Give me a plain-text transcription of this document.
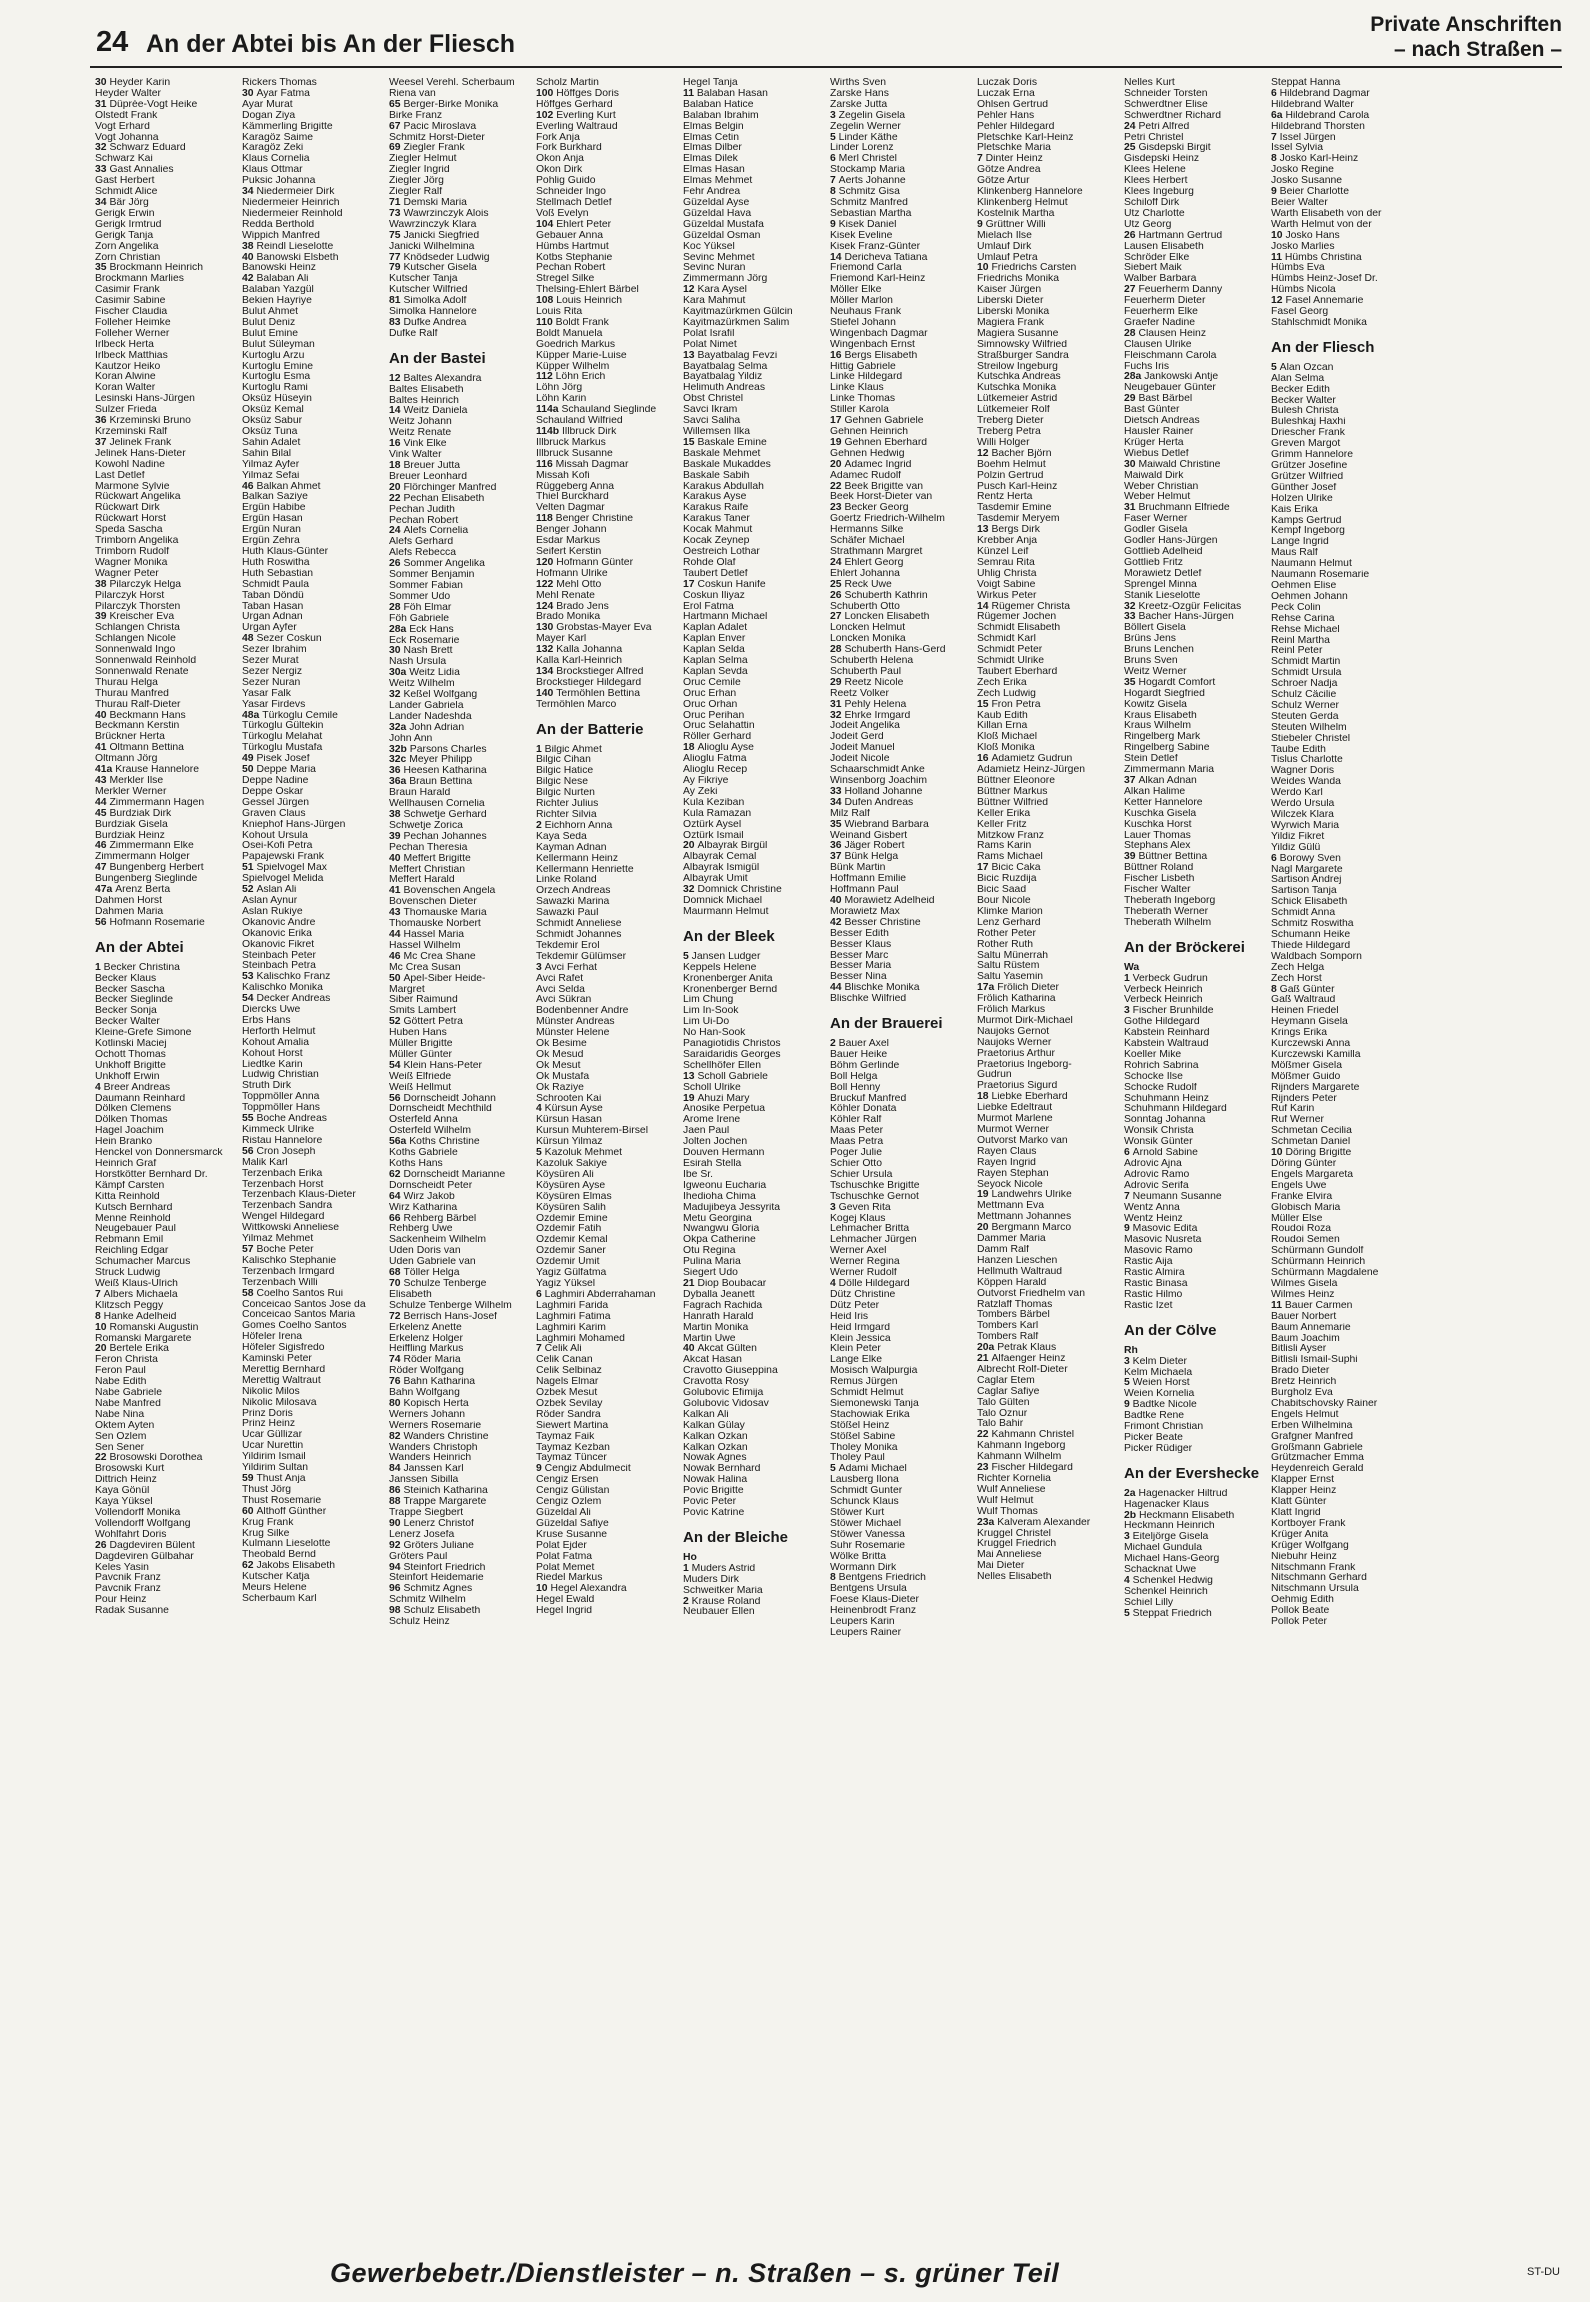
24 An der Abtei bis An der Fliesch
Private Anschriften
– nach Straßen –
30 Heyder Karin
Heyder Walter
31 Düprée-Vogt Heike
Olstedt Frank
Vogt Erhard
Vogt Johanna
32 Schwarz Eduard
Schwarz Kai
33 Gast Annalies
Gast Herbert
Schmidt Alice
34 Bär Jörg
Gerigk Erwin
Gerigk Irmtrud
Gerigk Tanja
Zorn Angelika
Zorn Christian
35 Brockmann Heinrich
Brockmann Marlies
Casimir Frank
Casimir Sabine
Fischer Claudia
Folleher Heimke
Folleher Werner
Irlbeck Herta
Irlbeck Matthias
Kautzor Heiko
Koran Alwine
Koran Walter
Lesinski Hans-Jürgen
Sulzer Frieda
36 Krzeminski Bruno
Krzeminski Ralf
37 Jelinek Frank
Jelinek Hans-Dieter
Kowohl Nadine
Last Detlef
Marmone Sylvie
Rückwart Angelika
Rückwart Dirk
Rückwart Horst
Speda Sascha
Trimborn Angelika
Trimborn Rudolf
Wagner Monika
Wagner Peter
38 Pilarczyk Helga
Pilarczyk Horst
Pilarczyk Thorsten
39 Kreischer Eva
Schlangen Christa
Schlangen Nicole
Sonnenwald Ingo
Sonnenwald Reinhold
Sonnenwald Renate
Thurau Helga
Thurau Manfred
Thurau Ralf-Dieter
40 Beckmann Hans
Beckmann Kerstin
Brückner Herta
41 Oltmann Bettina
Oltmann Jörg
41a Krause Hannelore
43 Merkler Ilse
Merkler Werner
44 Zimmermann Hagen
45 Burdziak Dirk
Burdziak Gisela
Burdziak Heinz
46 Zimmermann Elke
Zimmermann Holger
47 Bungenberg Herbert
Bungenberg Sieglinde
47a Arenz Berta
Dahmen Horst
Dahmen Maria
56 Hofmann Rosemarie
An der Abtei
1 Becker Christina
Becker Klaus
Becker Sascha
Becker Sieglinde
Becker Sonja
Becker Walter
Kleine-Grefe Simone
Kotlinski Maciej
Ochott Thomas
Unkhoff Brigitte
Unkhoff Erwin
4 Breer Andreas
Daumann Reinhard
Dölken Clemens
Dölken Thomas
Hagel Joachim
Hein Branko
Henckel von Donnersmarck
Heinrich Graf
Horstkötter Bernhard Dr.
Kämpf Carsten
Kitta Reinhold
Kutsch Bernhard
Menne Reinhold
Neugebauer Paul
Rebmann Emil
Reichling Edgar
Schumacher Marcus
Struck Ludwig
Weiß Klaus-Ulrich
7 Albers Michaela
Klitzsch Peggy
8 Hanke Adelheid
10 Romanski Augustin
Romanski Margarete
20 Bertele Erika
Feron Christa
Feron Paul
Nabe Edith
Nabe Gabriele
Nabe Manfred
Nabe Nina
Öktem Ayten
Sen Özlem
Sen Sener
22 Brosowski Dorothea
Brosowski Kurt
Dittrich Heinz
Kaya Gönül
Kaya Yüksel
Vollendorff Monika
Vollendorff Wolfgang
Wohlfahrt Doris
26 Dagdeviren Bülent
Dagdeviren Gülbahar
Keles Yasin
Pavcnik Franz
Pavcnik Franz
Pour Heinz
Radak Susanne
Rickers Thomas
30 Ayar Fatma
Ayar Murat
Dogan Ziya
Kämmerling Brigitte
Karagöz Saime
Karagöz Zeki
Klaus Cornelia
Klaus Ottmar
Puksic Johanna
34 Niedermeier Dirk
Niedermeier Heinrich
Niedermeier Reinhold
Redda Berthold
Wippich Manfred
38 Reindl Lieselotte
40 Banowski Elsbeth
Banowski Heinz
42 Balaban Ali
Balaban Yazgül
Bekien Hayriye
Bulut Ahmet
Bulut Deniz
Bulut Emine
Bulut Süleyman
Kurtoglu Arzu
Kurtoglu Emine
Kurtoglu Esma
Kurtoglu Rami
Öksüz Hüseyin
Öksüz Kemal
Öksüz Sabur
Öksüz Tuna
Sahin Adalet
Sahin Bilal
Yilmaz Ayfer
Yilmaz Sefai
46 Balkan Ahmet
Balkan Saziye
Ergün Habibe
Ergün Hasan
Ergün Nuran
Ergün Zehra
Huth Klaus-Günter
Huth Roswitha
Huth Sebastian
Schmidt Paula
Taban Döndü
Taban Hasan
Urgan Adnan
Urgan Ayfer
48 Sezer Coskun
Sezer Ibrahim
Sezer Murat
Sezer Nergiz
Sezer Nuran
Yasar Falk
Yasar Firdevs
48a Türkoglu Cemile
Türkoglu Gültekin
Türkoglu Melahat
Türkoglu Mustafa
49 Pisek Josef
50 Deppe Maria
Deppe Nadine
Deppe Oskar
Gessel Jürgen
Graven Claus
Kniephof Hans-Jürgen
Kohout Ursula
Osei-Kofi Petra
Papajewski Frank
51 Spielvogel Max
Spielvogel Melida
52 Aslan Ali
Aslan Aynur
Aslan Rukiye
Okanovic Andre
Okanovic Erika
Okanovic Fikret
Steinbach Peter
Steinbach Petra
53 Kalischko Franz
Kalischko Monika
54 Decker Andreas
Diercks Uwe
Erbs Hans
Herforth Helmut
Kohout Amalia
Kohout Horst
Liedtke Karin
Ludwig Christian
Struth Dirk
Toppmöller Anna
Toppmöller Hans
55 Boche Andreas
Kimmeck Ulrike
Ristau Hannelore
56 Cron Joseph
Malik Karl
Terzenbach Erika
Terzenbach Horst
Terzenbach Klaus-Dieter
Terzenbach Sandra
Wengel Hildegard
Wittkowski Anneliese
Yilmaz Mehmet
57 Boche Peter
Kalischko Stephanie
Terzenbach Irmgard
Terzenbach Willi
58 Coelho Santos Rui
Conceicao Santos Jose da
Conceicao Santos Maria
Gomes Coelho Santos
Höfeler Irena
Höfeler Sigisfredo
Kaminski Peter
Merettig Bernhard
Merettig Waltraut
Nikolic Milos
Nikolic Milosava
Prinz Doris
Prinz Heinz
Ucar Güllizar
Ucar Nurettin
Yildirim Ismail
Yildirim Sultan
59 Thust Anja
Thust Jörg
Thust Rosemarie
60 Althoff Günther
Krug Frank
Krug Silke
Kulmann Lieselotte
Theobald Bernd
62 Jakobs Elisabeth
Kutscher Katja
Meurs Helene
Scherbaum Karl
Weesel Verehl. Scherbaum
Riena van
65 Berger-Birke Monika
Birke Franz
67 Pacic Miroslava
Schmitz Horst-Dieter
69 Ziegler Frank
Ziegler Helmut
Ziegler Ingrid
Ziegler Jörg
Ziegler Ralf
71 Demski Maria
73 Wawrzinczyk Alois
Wawrzinczyk Klara
75 Janicki Siegfried
Janicki Wilhelmina
77 Knödseder Ludwig
79 Kutscher Gisela
Kutscher Tanja
Kutscher Wilfried
81 Simolka Adolf
Simolka Hannelore
83 Dufke Andrea
Dufke Ralf
An der Bastei
12 Baltes Alexandra
Baltes Elisabeth
Baltes Heinrich
14 Weitz Daniela
Weitz Johann
Weitz Renate
16 Vink Elke
Vink Walter
18 Breuer Jutta
Breuer Leonhard
20 Flörchinger Manfred
22 Pechan Elisabeth
Pechan Judith
Pechan Robert
24 Alefs Cornelia
Alefs Gerhard
Alefs Rebecca
26 Sommer Angelika
Sommer Benjamin
Sommer Fabian
Sommer Udo
28 Föh Elmar
Föh Gabriele
28a Eck Hans
Eck Rosemarie
30 Nash Brett
Nash Ursula
30a Weitz Lidia
Weitz Wilhelm
32 Keßel Wolfgang
Lander Gabriela
Lander Nadeshda
32a John Adrian
John Ann
32b Parsons Charles
32c Meyer Philipp
36 Heesen Katharina
36a Braun Bettina
Braun Harald
Wellhausen Cornelia
38 Schwetje Gerhard
Schwetje Zorica
39 Pechan Johannes
Pechan Theresia
40 Meffert Brigitte
Meffert Christian
Meffert Harald
41 Bovenschen Angela
Bovenschen Dieter
43 Thomauske Maria
Thomauske Norbert
44 Hassel Maria
Hassel Wilhelm
46 Mc Crea Shane
Mc Crea Susan
50 Apel-Siber Heide-
Margret
Siber Raimund
Smits Lambert
52 Göttert Petra
Huben Hans
Müller Brigitte
Müller Günter
54 Klein Hans-Peter
Weiß Elfriede
Weiß Hellmut
56 Dornscheidt Johann
Dornscheidt Mechthild
Osterfeld Anna
Osterfeld Wilhelm
56a Koths Christine
Koths Gabriele
Koths Hans
62 Dornscheidt Marianne
Dornscheidt Peter
64 Wirz Jakob
Wirz Katharina
66 Rehberg Bärbel
Rehberg Uwe
Sackenheim Wilhelm
Uden Doris van
Uden Gabriele van
68 Töller Helga
70 Schulze Tenberge
Elisabeth
Schulze Tenberge Wilhelm
72 Berrisch Hans-Josef
Erkelenz Anette
Erkelenz Holger
Heiffling Markus
74 Röder Maria
Röder Wolfgang
76 Bahn Katharina
Bahn Wolfgang
80 Kopisch Herta
Werners Johann
Werners Rosemarie
82 Wanders Christine
Wanders Christoph
Wanders Heinrich
84 Janssen Karl
Janssen Sibilla
86 Steinich Katharina
88 Trappe Margarete
Trappe Siegbert
90 Lenerz Christof
Lenerz Josefa
92 Gröters Juliane
Gröters Paul
94 Steinfort Friedrich
Steinfort Heidemarie
96 Schmitz Agnes
Schmitz Wilhelm
98 Schulz Elisabeth
Schulz Heinz
Scholz Martin
100 Höffges Doris
Höffges Gerhard
102 Everling Kurt
Everling Waltraud
Fork Anja
Fork Burkhard
Okon Anja
Okon Dirk
Pohlig Guido
Schneider Ingo
Stellmach Detlef
Voß Evelyn
104 Ehlert Peter
Gebauer Anna
Hümbs Hartmut
Kotbs Stephanie
Pechan Robert
Stregel Silke
Thelsing-Ehlert Bärbel
108 Louis Heinrich
Louis Rita
110 Boldt Frank
Boldt Manuela
Goedrich Markus
Küpper Marie-Luise
Küpper Wilhelm
112 Löhn Erich
Löhn Jörg
Löhn Karin
114a Schauland Sieglinde
Schauland Wilfried
114b Illbruck Dirk
Illbruck Markus
Illbruck Susanne
116 Missah Dagmar
Missah Kofi
Rüggeberg Anna
Thiel Burckhard
Velten Dagmar
118 Benger Christine
Benger Johann
Esdar Markus
Seifert Kerstin
120 Hofmann Günter
Hofmann Ulrike
122 Mehl Otto
Mehl Renate
124 Brado Jens
Brado Monika
130 Grobstas-Mayer Eva
Mayer Karl
132 Kalla Johanna
Kalla Karl-Heinrich
134 Brockstieger Alfred
Brockstieger Hildegard
140 Termöhlen Bettina
Termöhlen Marco
An der Batterie
1 Bilgic Ahmet
Bilgic Cihan
Bilgic Hatice
Bilgic Nese
Bilgic Nurten
Richter Julius
Richter Silvia
2 Eichhorn Anna
Kaya Seda
Kayman Adnan
Kellermann Heinz
Kellermann Henriette
Linke Roland
Orzech Andreas
Sawazki Marina
Sawazki Paul
Schmidt Anneliese
Schmidt Johannes
Tekdemir Erol
Tekdemir Gülümser
3 Avci Ferhat
Avci Rafet
Avci Selda
Avci Sükran
Bodenbenner Andre
Münster Andreas
Münster Helene
Ok Besime
Ok Mesud
Ok Mesut
Ok Mustafa
Ok Raziye
Schrooten Kai
4 Kürsun Ayse
Kürsun Hasan
Kursun Muhterem-Birsel
Kürsun Yilmaz
5 Kazoluk Mehmet
Kazoluk Sakiye
Köysüren Ali
Köysüren Ayse
Köysüren Elmas
Köysüren Salih
Özdemir Emine
Özdemir Fatih
Özdemir Kemal
Özdemir Saner
Özdemir Ümit
Yagiz Gülfatma
Yagiz Yüksel
6 Laghmiri Abderrahaman
Laghmiri Farida
Laghmiri Fatima
Laghmiri Karim
Laghmiri Mohamed
7 Celik Ali
Celik Canan
Celik Selbinaz
Nagels Elmar
Özbek Mesut
Özbek Sevilay
Röder Sandra
Siewert Martina
Taymaz Faik
Taymaz Kezban
Taymaz Tüncer
9 Cengiz Abdulmecit
Cengiz Ersen
Cengiz Gülistan
Cengiz Özlem
Güzeldal Ali
Güzeldal Safiye
Kruse Susanne
Polat Ejder
Polat Fatma
Polat Memet
Riedel Markus
10 Hegel Alexandra
Hegel Ewald
Hegel Ingrid
Hegel Tanja
11 Balaban Hasan
Balaban Hatice
Balaban Ibrahim
Elmas Belgin
Elmas Cetin
Elmas Dilber
Elmas Dilek
Elmas Hasan
Elmas Mehmet
Fehr Andrea
Güzeldal Ayse
Güzeldal Hava
Güzeldal Mustafa
Güzeldal Osman
Koc Yüksel
Sevinc Mehmet
Sevinc Nuran
Zimmermann Jörg
12 Kara Aysel
Kara Mahmut
Kayitmazürkmen Gülcin
Kayitmazürkmen Salim
Polat Israfil
Polat Nimet
13 Bayatbalag Fevzi
Bayatbalag Selma
Bayatbalag Yildiz
Helimuth Andreas
Obst Christel
Savci Ikram
Savci Saliha
Willemsen Ilka
15 Baskale Emine
Baskale Mehmet
Baskale Mukaddes
Baskale Sabih
Karakus Abdullah
Karakus Ayse
Karakus Raife
Karakus Taner
Kocak Mahmut
Kocak Zeynep
Oestreich Lothar
Rohde Olaf
Taubert Detlef
17 Coskun Hanife
Coskun Iliyaz
Erol Fatma
Hartmann Michael
Kaplan Adalet
Kaplan Enver
Kaplan Selda
Kaplan Selma
Kaplan Sevda
Oruc Cemile
Oruc Erhan
Oruc Orhan
Oruc Perihan
Oruc Selahattin
Röller Gerhard
18 Alioglu Ayse
Alioglu Fatma
Alioglu Recep
Ay Fikriye
Ay Zeki
Kula Keziban
Kula Ramazan
Öztürk Aysel
Öztürk Ismail
20 Albayrak Birgül
Albayrak Cemal
Albayrak Ismigül
Albayrak Ümit
32 Domnick Christine
Domnick Michael
Maurmann Helmut
An der Bleek
5 Jansen Ludger
Keppels Helene
Kronenberger Anita
Kronenberger Bernd
Lim Chung
Lim In-Sook
Lim Ui-Do
No Han-Sook
Panagiotidis Christos
Saraidaridis Georges
Schellhöfer Ellen
13 Scholl Gabriele
Scholl Ulrike
19 Ahuzi Mary
Anosike Perpetua
Arome Irene
Jaen Paul
Jolten Jochen
Douven Hermann
Esirah Stella
Ibe Sr.
Igweonu Eucharia
Ihedioha Chima
Madujibeya Jessyrita
Metu Georgina
Nwangwu Gloria
Okpa Catherine
Otu Regina
Pulina Maria
Siegert Udo
21 Diop Boubacar
Dyballa Jeanett
Fagrach Rachida
Hanrath Harald
Martin Monika
Martin Uwe
40 Akcat Gülten
Akcat Hasan
Cravotto Giuseppina
Cravotta Rosy
Golubovic Efimija
Golubovic Vidosav
Kalkan Ali
Kalkan Gülay
Kalkan Özkan
Kalkan Özkan
Nowak Agnes
Nowak Bernhard
Nowak Halina
Povic Brigitte
Povic Peter
Povic Katrine
An der Bleiche
Ho
1 Muders Astrid
Muders Dirk
Schweitker Maria
2 Krause Roland
Neubauer Ellen
Wirths Sven
Zarske Hans
Zarske Jutta
3 Zegelin Gisela
Zegelin Werner
5 Linder Käthe
Linder Lorenz
6 Merl Christel
Stockamp Maria
7 Aerts Johanne
8 Schmitz Gisa
Schmitz Manfred
Sebastian Martha
9 Kisek Daniel
Kisek Eveline
Kisek Franz-Günter
14 Dericheva Tatiana
Friemond Carla
Friemond Karl-Heinz
Möller Elke
Möller Marlon
Neuhaus Frank
Stiefel Johann
Wingenbach Dagmar
Wingenbach Ernst
16 Bergs Elisabeth
Hittig Gabriele
Linke Hildegard
Linke Klaus
Linke Thomas
Stiller Karola
17 Gehnen Gabriele
Gehnen Heinrich
19 Gehnen Eberhard
Gehnen Hedwig
20 Adamec Ingrid
Adamec Rudolf
22 Beek Brigitte van
Beek Horst-Dieter van
23 Becker Georg
Goertz Friedrich-Wilhelm
Hermanns Silke
Schäfer Michael
Strathmann Margret
24 Ehlert Georg
Ehlert Johanna
25 Reck Uwe
26 Schuberth Kathrin
Schuberth Otto
27 Loncken Elisabeth
Loncken Helmut
Loncken Monika
28 Schuberth Hans-Gerd
Schuberth Helena
Schuberth Paul
29 Reetz Nicole
Reetz Volker
31 Pehly Helena
32 Ehrke Irmgard
Jodeit Angelika
Jodeit Gerd
Jodeit Manuel
Jodeit Nicole
Schaarschmidt Anke
Winsenborg Joachim
33 Holland Johanne
34 Dufen Andreas
Milz Ralf
35 Wiebrand Barbara
Weinand Gisbert
36 Jäger Robert
37 Bünk Helga
Bünk Martin
Hoffmann Emilie
Hoffmann Paul
40 Morawietz Adelheid
Morawietz Max
42 Besser Christine
Besser Edith
Besser Klaus
Besser Marc
Besser Maria
Besser Nina
44 Blischke Monika
Blischke Wilfried
An der Brauerei
2 Bauer Axel
Bauer Heike
Böhm Gerlinde
Boll Helga
Boll Henny
Bruckuf Manfred
Köhler Donata
Köhler Ralf
Maas Peter
Maas Petra
Poger Julie
Schier Otto
Schier Ursula
Tschuschke Brigitte
Tschuschke Gernot
3 Geven Rita
Kogej Klaus
Lehmacher Britta
Lehmacher Jürgen
Werner Axel
Werner Regina
Werner Rudolf
4 Dölle Hildegard
Dütz Christine
Dütz Peter
Heid Iris
Heid Irmgard
Klein Jessica
Klein Peter
Lange Elke
Mosisch Walpurgia
Remus Jürgen
Schmidt Helmut
Siemonewski Tanja
Stachowiak Erika
Stößel Heinz
Stößel Sabine
Tholey Monika
Tholey Paul
5 Adami Michael
Lausberg Ilona
Schmidt Gunter
Schunck Klaus
Stöwer Kurt
Stöwer Michael
Stöwer Vanessa
Suhr Rosemarie
Wölke Britta
Wormann Dirk
8 Bentgens Friedrich
Bentgens Ursula
Foese Klaus-Dieter
Heinenbrodt Franz
Leupers Karin
Leupers Rainer
Luczak Doris
Luczak Erna
Ohlsen Gertrud
Pehler Hans
Pehler Hildegard
Pletschke Karl-Heinz
Pletschke Maria
7 Dinter Heinz
Götze Andrea
Götze Artur
Klinkenberg Hannelore
Klinkenberg Helmut
Kostelnik Martha
9 Grüttner Willi
Mielach Ilse
Umlauf Dirk
Umlauf Petra
10 Friedrichs Carsten
Friedrichs Monika
Kaiser Jürgen
Liberski Dieter
Liberski Monika
Magiera Frank
Magiera Susanne
Simnowsky Wilfried
Straßburger Sandra
Streilow Ingeburg
Kutschka Andreas
Kutschka Monika
Lütkemeier Astrid
Lütkemeier Rolf
Treberg Dieter
Treberg Petra
Willi Holger
12 Bacher Björn
Boehm Helmut
Polzin Gertrud
Pusch Karl-Heinz
Rentz Herta
Tasdemir Emine
Tasdemir Meryem
13 Bergs Dirk
Krebber Anja
Künzel Leif
Semrau Rita
Uhlig Christa
Voigt Sabine
Wirkus Peter
14 Rügemer Christa
Rügemer Jochen
Schmidt Elisabeth
Schmidt Karl
Schmidt Peter
Schmidt Ulrike
Taubert Eberhard
Zech Erika
Zech Ludwig
15 Fron Petra
Kaub Edith
Killan Erna
Kloß Michael
Kloß Monika
16 Adamietz Gudrun
Adamietz Heinz-Jürgen
Büttner Eleonore
Büttner Markus
Büttner Wilfried
Keller Erika
Keller Fritz
Mitzkow Franz
Rams Karin
Rams Michael
17 Bicic Caka
Bicic Ruzdija
Bicic Saad
Bour Nicole
Klimke Marion
Lenz Gerhard
Rother Peter
Rother Ruth
Saltu Münerrah
Saltu Rüstem
Saltu Yasemin
17a Frölich Dieter
Frölich Katharina
Frölich Markus
Murmot Dirk-Michael
Naujoks Gernot
Naujoks Werner
Praetorius Arthur
Praetorius Ingeborg-
Gudrun
Praetorius Sigurd
18 Liebke Eberhard
Liebke Edeltraut
Murmot Marlene
Murmot Werner
Outvorst Marko van
Rayen Claus
Rayen Ingrid
Rayen Stephan
Seyock Nicole
19 Landwehrs Ulrike
Mettmann Eva
Mettmann Johannes
20 Bergmann Marco
Dammer Maria
Damm Ralf
Hanzen Lieschen
Hellmuth Waltraud
Köppen Harald
Outvorst Friedhelm van
Ratzlaff Thomas
Tombers Bärbel
Tombers Karl
Tombers Ralf
20a Petrak Klaus
21 Alfaenger Heinz
Albrecht Rolf-Dieter
Caglar Etem
Caglar Safiye
Talo Gülten
Talo Öznur
Talo Bahir
22 Kahmann Christel
Kahmann Ingeborg
Kahmann Wilhelm
23 Fischer Hildegard
Richter Kornelia
Wulf Anneliese
Wulf Helmut
Wulf Thomas
23a Kalveram Alexander
Kruggel Christel
Kruggel Friedrich
Mai Anneliese
Mai Dieter
Nelles Elisabeth
Nelles Kurt
Schneider Torsten
Schwerdtner Elise
Schwerdtner Richard
24 Petri Alfred
Petri Christel
25 Gisdepski Birgit
Gisdepski Heinz
Klees Helene
Klees Herbert
Klees Ingeburg
Schiloff Dirk
Utz Charlotte
Utz Georg
26 Hartmann Gertrud
Lausen Elisabeth
Schröder Elke
Siebert Maik
Walber Barbara
27 Feuerherm Danny
Feuerherm Dieter
Feuerherm Elke
Graefer Nadine
28 Clausen Heinz
Clausen Ulrike
Fleischmann Carola
Fuchs Iris
28a Jankowski Antje
Neugebauer Günter
29 Bast Bärbel
Bast Günter
Dietsch Andreas
Hausler Rainer
Krüger Herta
Wiebus Detlef
30 Maiwald Christine
Maiwald Dirk
Weber Christian
Weber Helmut
31 Bruchmann Elfriede
Faser Werner
Godler Gisela
Godler Hans-Jürgen
Gottlieb Adelheid
Gottlieb Fritz
Morawietz Detlef
Sprengel Minna
Stanik Lieselotte
32 Kreetz-Ozgür Felicitas
33 Bacher Hans-Jürgen
Böllert Gisela
Brüns Jens
Bruns Lenchen
Bruns Sven
Weitz Werner
35 Hogardt Comfort
Hogardt Siegfried
Kowitz Gisela
Kraus Elisabeth
Kraus Wilhelm
Ringelberg Mark
Ringelberg Sabine
Stein Detlef
Zimmermann Maria
37 Alkan Adnan
Alkan Halime
Ketter Hannelore
Kuschka Gisela
Kuschka Horst
Lauer Thomas
Stephans Alex
39 Büttner Bettina
Büttner Roland
Fischer Lisbeth
Fischer Walter
Theberath Ingeborg
Theberath Werner
Theberath Wilhelm
An der Bröckerei
Wa
1 Verbeck Gudrun
Verbeck Heinrich
Verbeck Heinrich
3 Fischer Brunhilde
Gothe Hildegard
Kabstein Reinhard
Kabstein Waltraud
Koeller Mike
Rohrich Sabrina
Schocke Ilse
Schocke Rudolf
Schuhmann Heinz
Schuhmann Hildegard
Sonntag Johanna
Wonsik Christa
Wonsik Günter
6 Arnold Sabine
Adrovic Ajna
Adrovic Ramo
Adrovic Serifa
7 Neumann Susanne
Wentz Anna
Wentz Heinz
9 Masovic Edita
Masovic Nusreta
Masovic Ramo
Rastic Aija
Rastic Almira
Rastic Binasa
Rastic Hilmo
Rastic Izet
An der Cölve
Rh
3 Kelm Dieter
Kelm Michaela
5 Weien Horst
Weien Kornelia
9 Badtke Nicole
Badtke Rene
Frimont Christian
Picker Beate
Picker Rüdiger
An der Evershecke
2a Hagenacker Hiltrud
Hagenacker Klaus
2b Heckmann Elisabeth
Heckmann Heinrich
3 Eitelјörge Gisela
Michael Gundula
Michael Hans-Georg
Schacknat Uwe
4 Schenkel Hedwig
Schenkel Heinrich
Schiel Lilly
5 Steppat Friedrich
Steppat Hanna
6 Hildebrand Dagmar
Hildebrand Walter
6a Hildebrand Carola
Hildebrand Thorsten
7 Issel Jürgen
Issel Sylvia
8 Josko Karl-Heinz
Josko Regine
Josko Susanne
9 Beier Charlotte
Beier Walter
Warth Elisabeth von der
Warth Helmut von der
10 Josko Hans
Josko Marlies
11 Hümbs Christina
Hümbs Eva
Hümbs Heinz-Josef Dr.
Hümbs Nicola
12 Fasel Annemarie
Fasel Georg
Stahlschmidt Monika
An der Fliesch
5 Alan Özcan
Alan Selma
Becker Edith
Becker Walter
Bulesh Christa
Buleshkaj Haxhi
Driescher Frank
Greven Margot
Grimm Hannelore
Grützer Josefine
Grützer Wilfried
Günther Josef
Holzen Ulrike
Kais Erika
Kamps Gertrud
Kempf Ingeborg
Lange Ingrid
Maus Ralf
Naumann Helmut
Naumann Rosemarie
Oehmen Elise
Oehmen Johann
Peck Colin
Rehse Carina
Rehse Michael
Reinl Martha
Reinl Peter
Schmidt Martin
Schmidt Ursula
Schroer Nadja
Schulz Cäcilie
Schulz Werner
Steuten Gerda
Steuten Wilhelm
Stiebeler Christel
Taube Edith
Tislus Charlotte
Wagner Doris
Weides Wanda
Werdo Karl
Werdo Ursula
Wilczek Klara
Wyrwich Maria
Yildiz Fikret
Yildiz Gülü
6 Borowy Sven
Nagl Margarete
Sartison Andrej
Sartison Tanja
Schick Elisabeth
Schmidt Anna
Schmitz Roswitha
Schumann Heike
Thiede Hildegard
Waldbach Somporn
Zech Helga
Zech Horst
8 Gaß Günter
Gaß Waltraud
Heinen Friedel
Heymann Gisela
Krings Erika
Kurczewski Anna
Kurczewski Kamilla
Mößmer Gisela
Mößmer Guido
Rijnders Margarete
Rijnders Peter
Ruf Karin
Ruf Werner
Schmetan Cecilia
Schmetan Daniel
10 Döring Brigitte
Döring Günter
Engels Margareta
Engels Uwe
Franke Elvira
Globisch Maria
Müller Else
Roudoi Roza
Roudoi Semen
Schürmann Gundolf
Schürmann Heinrich
Schürmann Magdalene
Wilmes Gisela
Wilmes Heinz
11 Bauer Carmen
Bauer Norbert
Baum Annemarie
Baum Joachim
Bitlisli Ayser
Bitlisli Ismail-Suphi
Brado Dieter
Bretz Heinrich
Burgholz Eva
Chabitschovsky Rainer
Engels Helmut
Erben Wilhelmina
Grafgner Manfred
Großmann Gabriele
Grützmacher Emma
Heydenreich Gerald
Klapper Ernst
Klapper Heinz
Klatt Günter
Klatt Ingrid
Kortboyer Frank
Krüger Anita
Krüger Wolfgang
Niebuhr Heinz
Nitschmann Frank
Nitschmann Gerhard
Nitschmann Ursula
Oehmig Edith
Pollok Beate
Pollok Peter
Gewerbebetr./Dienstleister – n. Straßen – s. grüner Teil	ST-DU
